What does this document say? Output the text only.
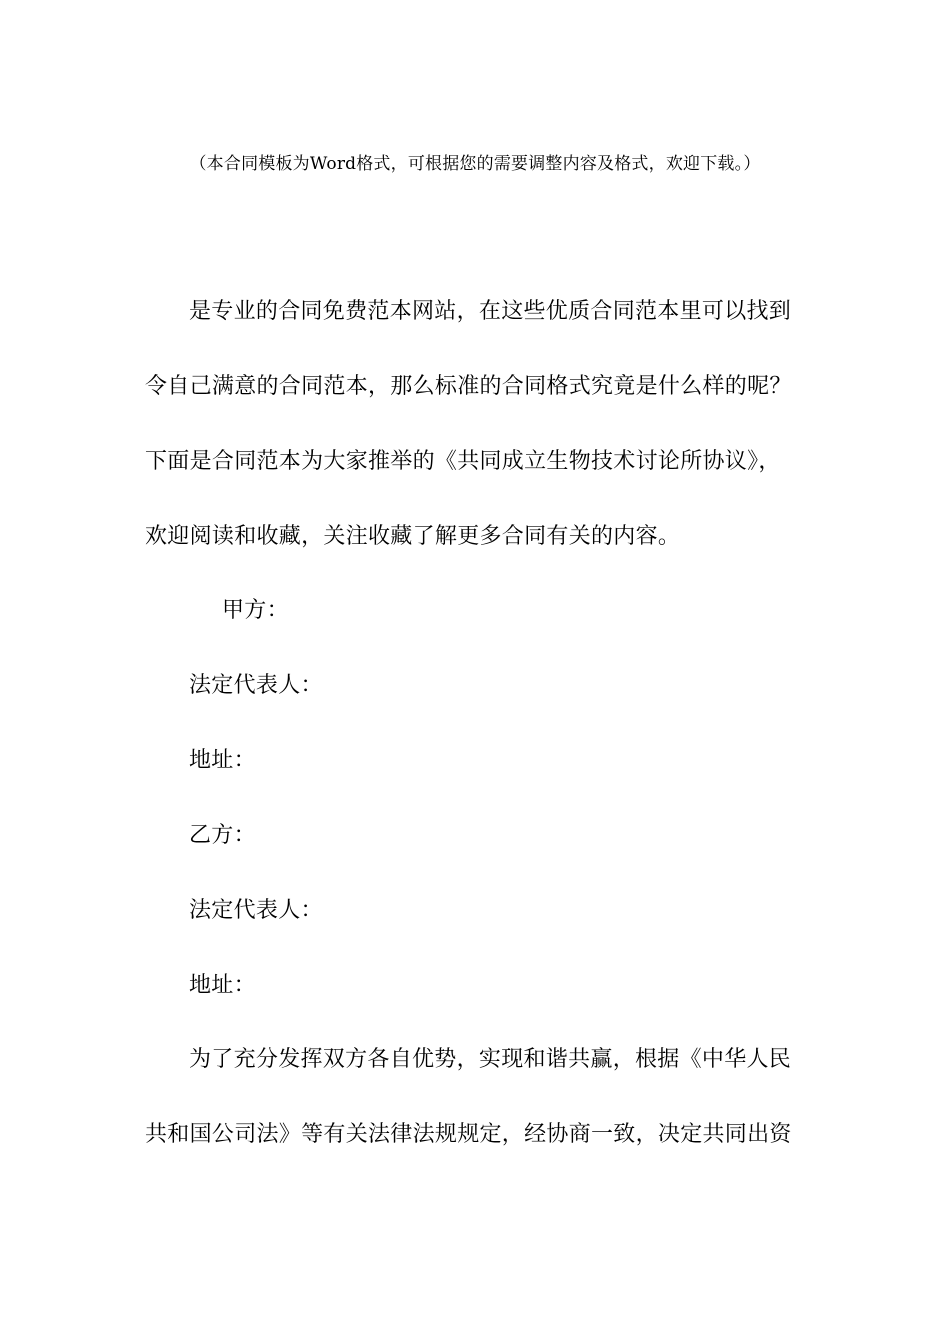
（本合同模板为Word格式，可根据您的需要调整内容及格式，欢迎下载。）
是专业的合同免费范本网站，在这些优质合同范本里可以找到
令自己满意的合同范本，那么标准的合同格式究竟是什么样的呢？
下面是合同范本为大家推举的《共同成立生物技术讨论所协议》，
欢迎阅读和收藏，关注收藏了解更多合同有关的内容。
甲方：
法定代表人：
地址：
乙方：
法定代表人：
地址：
为了充分发挥双方各自优势，实现和谐共赢，根据《中华人民
共和国公司法》等有关法律法规规定，经协商一致，决定共同出资
